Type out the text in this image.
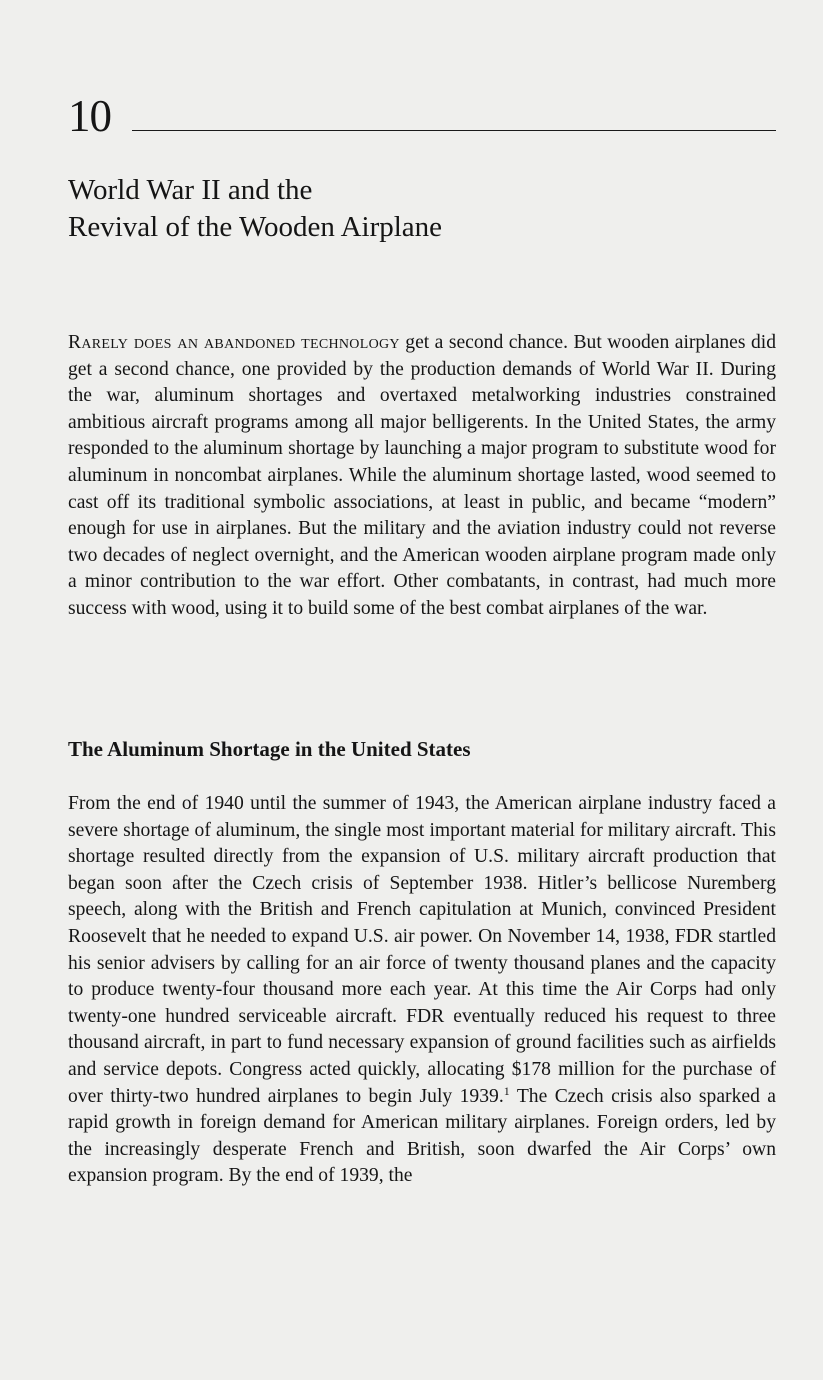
10
World War II and the
Revival of the Wooden Airplane

Rarely does an abandoned technology get a second chance. But wooden airplanes did get a second chance, one provided by the production demands of World War II. During the war, aluminum shortages and overtaxed metalworking industries constrained ambitious aircraft programs among all major belligerents. In the United States, the army responded to the aluminum shortage by launching a major program to substitute wood for aluminum in noncombat airplanes. While the aluminum shortage lasted, wood seemed to cast off its traditional symbolic associations, at least in public, and became “modern” enough for use in airplanes. But the military and the aviation industry could not reverse two decades of neglect overnight, and the American wooden airplane program made only a minor contribution to the war effort. Other combatants, in contrast, had much more success with wood, using it to build some of the best combat airplanes of the war.

The Aluminum Shortage in the United States

From the end of 1940 until the summer of 1943, the American airplane industry faced a severe shortage of aluminum, the single most important material for military aircraft. This shortage resulted directly from the expansion of U.S. military aircraft production that began soon after the Czech crisis of September 1938. Hitler’s bellicose Nuremberg speech, along with the British and French capitulation at Munich, convinced President Roosevelt that he needed to expand U.S. air power. On November 14, 1938, FDR startled his senior advisers by calling for an air force of twenty thousand planes and the capacity to produce twenty-four thousand more each year. At this time the Air Corps had only twenty-one hundred serviceable aircraft. FDR eventually reduced his request to three thousand aircraft, in part to fund necessary expansion of ground facilities such as airfields and service depots. Congress acted quickly, allocating $178 million for the purchase of over thirty-two hundred airplanes to begin July 1939.$^1$ The Czech crisis also sparked a rapid growth in foreign demand for American military airplanes. Foreign orders, led by the increasingly desperate French and British, soon dwarfed the Air Corps’ own expansion program. By the end of 1939, the
